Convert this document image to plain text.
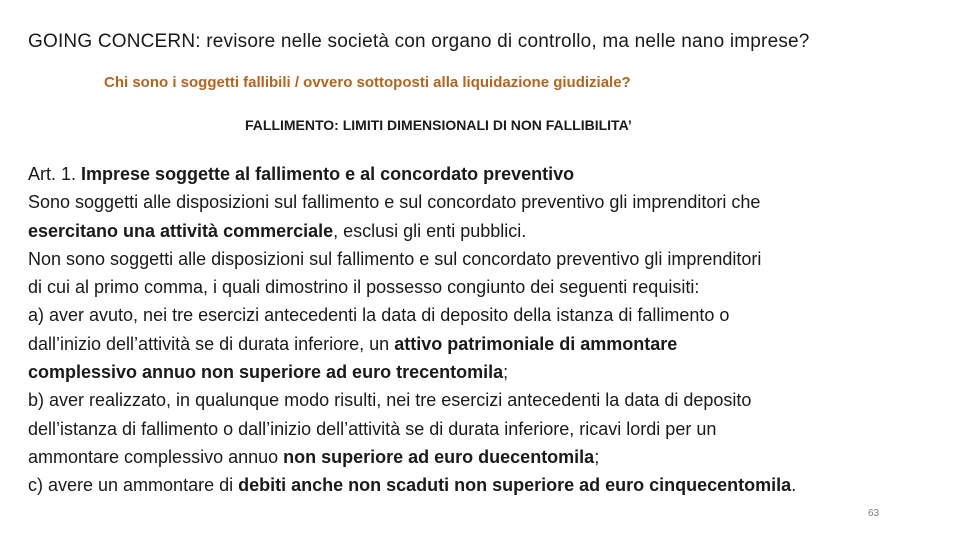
GOING CONCERN: revisore nelle società con organo di controllo, ma nelle nano imprese?
Chi sono i soggetti fallibili / ovvero sottoposti alla liquidazione giudiziale?
FALLIMENTO: LIMITI DIMENSIONALI DI NON FALLIBILITA’

Art. 1. Imprese soggette al fallimento e al concordato preventivo

Sono soggetti alle disposizioni sul fallimento e sul concordato preventivo gli imprenditori che

esercitano una attività commerciale, esclusi gli enti pubblici.

Non sono soggetti alle disposizioni sul fallimento e sul concordato preventivo gli imprenditori

di cui al primo comma, i quali dimostrino il possesso congiunto dei seguenti requisiti:

a) aver avuto, nei tre esercizi antecedenti la data di deposito della istanza di fallimento o

dall’inizio dell’attività se di durata inferiore, un attivo patrimoniale di ammontare

complessivo annuo non superiore ad euro trecentomila;

b) aver realizzato, in qualunque modo risulti, nei tre esercizi antecedenti la data di deposito

dell’istanza di fallimento o dall’inizio dell’attività se di durata inferiore, ricavi lordi per un

ammontare complessivo annuo non superiore ad euro duecentomila;

c) avere un ammontare di debiti anche non scaduti non superiore ad euro cinquecentomila.

63
